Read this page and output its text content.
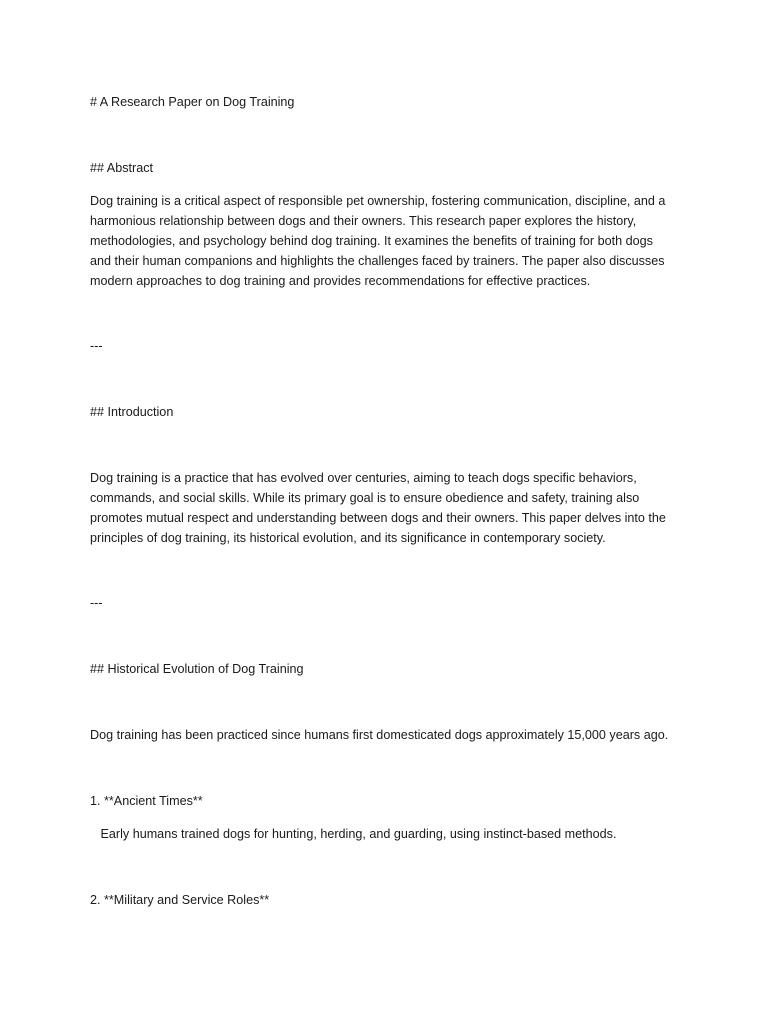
# A Research Paper on Dog Training

## Abstract

Dog training is a critical aspect of responsible pet ownership, fostering communication, discipline, and a
harmonious relationship between dogs and their owners. This research paper explores the history,
methodologies, and psychology behind dog training. It examines the benefits of training for both dogs
and their human companions and highlights the challenges faced by trainers. The paper also discusses
modern approaches to dog training and provides recommendations for effective practices.

---

## Introduction

Dog training is a practice that has evolved over centuries, aiming to teach dogs specific behaviors,
commands, and social skills. While its primary goal is to ensure obedience and safety, training also
promotes mutual respect and understanding between dogs and their owners. This paper delves into the
principles of dog training, its historical evolution, and its significance in contemporary society.

---

## Historical Evolution of Dog Training

Dog training has been practiced since humans first domesticated dogs approximately 15,000 years ago.

1. **Ancient Times**

Early humans trained dogs for hunting, herding, and guarding, using instinct-based methods.

2. **Military and Service Roles**
